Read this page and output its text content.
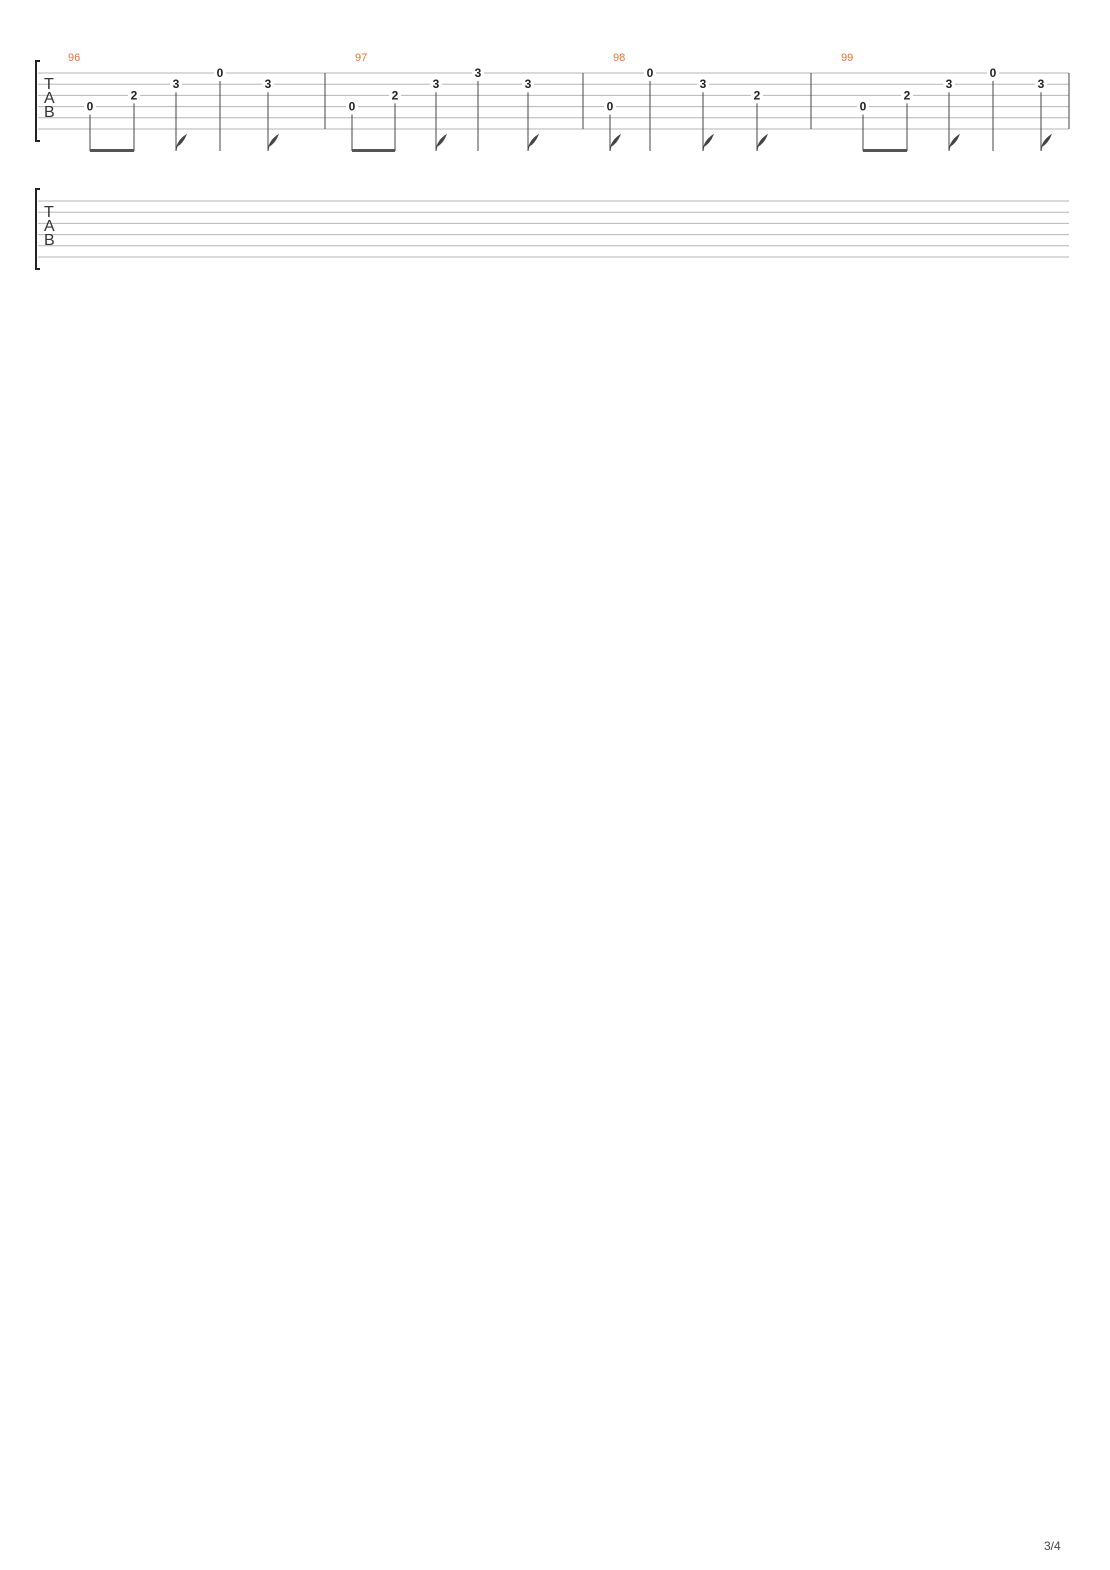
T
A
B
96
0
2
3
0
3
97
0
2
3
3
3
98
0
0
3
2
99
0
2
3
0
3
T
A
B
3/4
